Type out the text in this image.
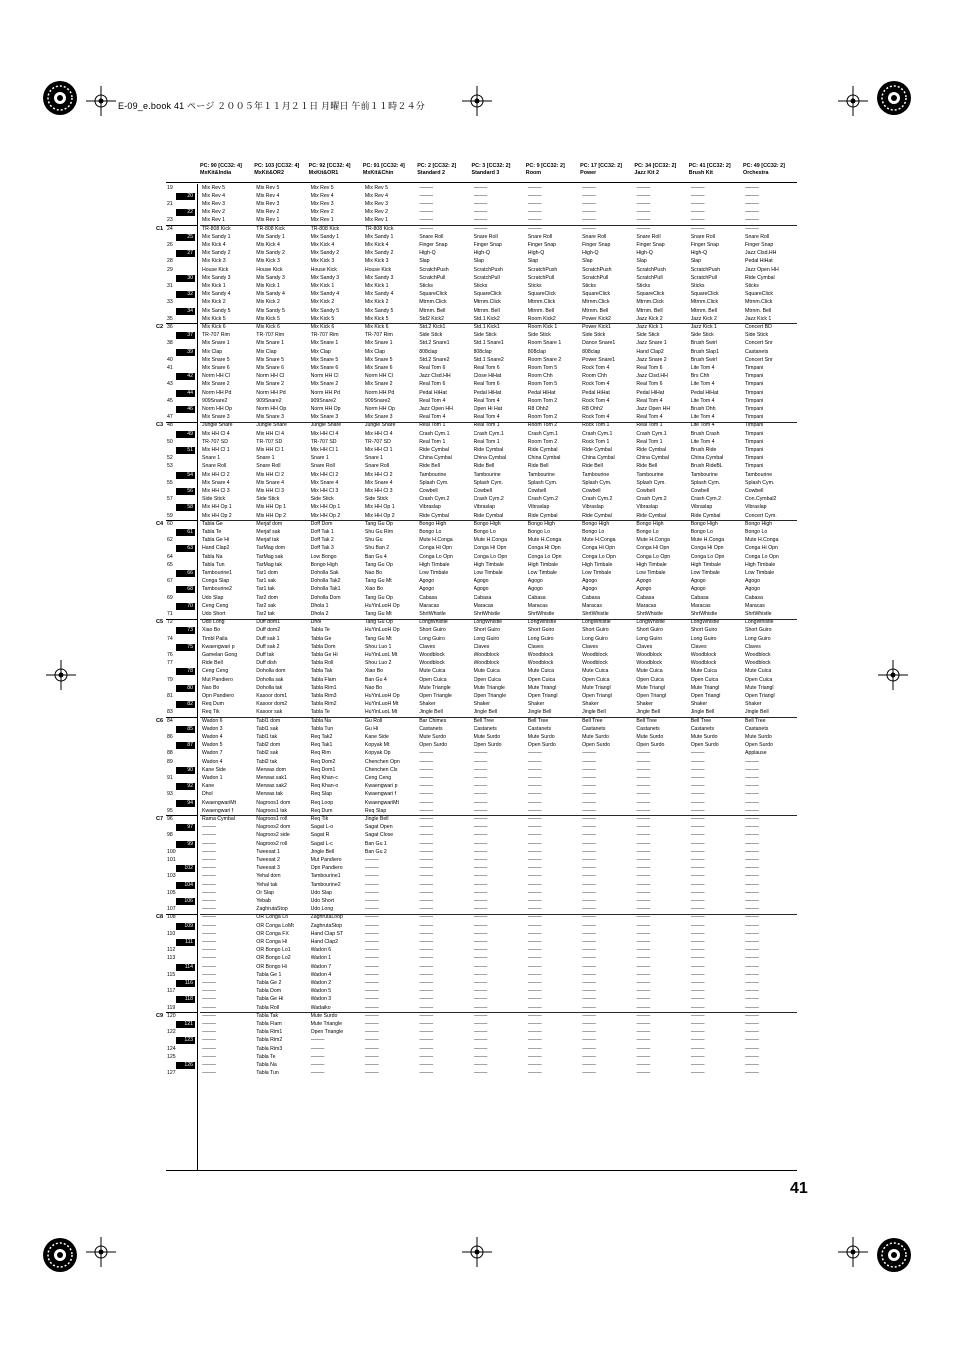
E-09_e.book 41 ページ ２００５年１１月２１日 月曜日 午前１１時２４分
PC: 90 [CC32: 4]
MxKit&India
PC: 103 [CC32: 4]
MxKit&OR2
PC: 92 [CC32: 4]
MxKit&OR1
PC: 91 [CC32: 4]
MxKit&Chin
PC: 2 [CC32: 2]
Standard 2
PC: 3 [CC32: 2]
Standard 3
PC: 9 [CC32: 2]
Room
PC: 17 [CC32: 2]
Power
PC: 34 [CC32: 2]
Jazz Kit 2
PC: 41 [CC32: 2]
Brush Kit
PC: 49 [CC32: 2]
Orchestra
19
20
21
22
23
24
C1
25
26
27
28
29
30
31
32
33
34
35
36
C2
37
38
39
40
41
42
43
44
45
46
47
48
C3
49
50
51
52
53
54
55
56
57
58
59
60
C4
61
62
63
64
65
66
67
68
69
70
71
72
C5
73
74
75
76
77
78
79
80
81
82
83
84
C6
85
86
87
88
89
90
91
92
93
94
95
96
C7
97
98
99
100
101
102
103
104
105
106
107
108
C8
109
110
111
112
113
114
115
116
117
118
119
120
C9
121
122
123
124
125
126
127
Mix Rev 5
Mix Rev 4
Mix Rev 3
Mix Rev 2
Mix Rev 1
TR-808 Kick
Mix Sandy 1
Mix Kick 4
Mix Sandy 2
Mix Kick 3
House Kick
Mix Sandy 3
Mix Kick 1
Mix Sandy 4
Mix Kick 2
Mix Sandy 5
Mix Kick 5
Mix Kick 6
TR-707 Rim
Mix Snare 1
Mix Clap
Mix Snare 5
Mix Snare 6
Norm HH Cl
Mix Snare 2
Norm HH Pd
909Snare2
Norm HH Op
Mix Snare 3
Jungle Snare
Mix HH Cl 4
TR-707 SD
Mix HH Cl 1
Snare 1
Snare Roll
Mix HH Cl 2
Mix Snare 4
Mix HH Cl 3
Side Stick
Mix HH Op 1
Mix HH Op 2
Tabla Ge
Tabla Te
Tabla Ge Hi
Hand Clap2
Tabla Na
Tabla Tun
Tambourine1
Conga Slap
Tambourine2
Udo Slap
Ceng Ceng
Udo Short
Udo Long
Xiao Bo
Timbl Paila
Kwaengwari p
Gamelan Gong
Ride Bell
Ceng Ceng
Mut Pandiero
Nao Bo
Opn Pandiero
Req Dum
Req Tik
Wadon 6
Wadon 3
Wadon 4
Wadon 5
Wadon 7
Wadon 4
Kane Side
Wadon 1
Kane
Dhol
KwaengwariMt
Kwaengwari f
Rama Cymbal
-----------
-----------
-----------
-----------
-----------
-----------
-----------
-----------
-----------
-----------
-----------
-----------
-----------
-----------
-----------
-----------
-----------
-----------
-----------
-----------
-----------
-----------
-----------
-----------
-----------
-----------
-----------
-----------
-----------
-----------
-----------
Mix Rev 5
Mix Rev 4
Mix Rev 3
Mix Rev 2
Mix Rev 1
TR-808 Kick
Mix Sandy 1
Mix Kick 4
Mix Sandy 2
Mix Kick 3
House Kick
Mix Sandy 3
Mix Kick 1
Mix Sandy 4
Mix Kick 2
Mix Sandy 5
Mix Kick 5
Mix Kick 6
TR-707 Rim
Mix Snare 1
Mix Clap
Mix Snare 5
Mix Snare 6
Norm HH Cl
Mix Snare 2
Norm HH Pd
909Snare2
Norm HH Op
Mix Snare 3
Jungle Snare
Mix HH Cl 4
TR-707 SD
Mix HH Cl 1
Snare 1
Snare Roll
Mix HH Cl 2
Mix Snare 4
Mix HH Cl 3
Side Stick
Mix HH Op 1
Mix HH Op 2
Merjaf dom
Merjaf sak
Merjaf tak
TarMag dom
TarMag sak
TarMag tak
Tar1 dom
Tar1 sak
Tar1 tak
Tar2 dom
Tar2 sak
Tar2 tak
Duff dom1
Duff dom2
Duff sak 1
Duff sak 2
Duff tak
Duff dish
Doholla dom
Doholla sak
Doholla tak
Kasoor dom1
Kasoor dom2
Kasoor sak
Tabl1 dom
Tabl1 sak
Tabl1 tak
Tabl2 dom
Tabl2 sak
Tabl2 tak
Merwas dom
Merwas sak1
Merwas sak2
Merwas tak
Nagroos1 dom
Nagroos1 tak
Nagroos1 roll
Nagroos2 dom
Nagroos2 side
Nagroos2 roll
Tweesat 1
Tweesat 2
Tweesat 3
Yehal dom
Yehal tak
Or Slap
Yebab
ZaghrutaStop
OR Conga Lo
OR Conga LoMt
OR Conga FX
OR Conga Hi
OR Bongo Lo1
OR Bongo Lo2
OR Bongo Hi
Tabla Ge 1
Tabla Ge 2
Tabla Dom
Tabla Ge Hi
Tabla Roll
Tabla Tak
Tabla Flam
Tabla Rim1
Tabla Rim2
Tabla Rim3
Tabla Te
Tabla Na
Tabla Tun
Mix Rev 5
Mix Rev 4
Mix Rev 3
Mix Rev 2
Mix Rev 1
TR-808 Kick
Mix Sandy 1
Mix Kick 4
Mix Sandy 2
Mix Kick 3
House Kick
Mix Sandy 3
Mix Kick 1
Mix Sandy 4
Mix Kick 2
Mix Sandy 5
Mix Kick 5
Mix Kick 6
TR-707 Rim
Mix Snare 1
Mix Clap
Mix Snare 5
Mix Snare 6
Norm HH Cl
Mix Snare 2
Norm HH Pd
909Snare2
Norm HH Op
Mix Snare 3
Jungle Snare
Mix HH Cl 4
TR-707 SD
Mix HH Cl 1
Snare 1
Snare Roll
Mix HH Cl 2
Mix Snare 4
Mix HH Cl 3
Side Stick
Mix HH Op 1
Mix HH Op 2
Doff Dom
Doff Tak 1
Doff Tak 2
Doff Tak 3
Low Bongo
Bongo High
Doholla Sak
Doholla Tak2
Doholla Tak1
Doholla Dom
Dhola 1
Dhola 2
Dhol
Tabla Te
Tabla Ge
Tabla Dom
Tabla Ge Hi
Tabla Roll
Tabla Tak
Tabla Flam
Tabla Rim1
Tabla Rim3
Tabla Rim2
Tabla Te
Tabla Na
Tabla Tun
Req Tak2
Req Tak1
Req Rim
Req Dom2
Req Dom1
Req Khan-c
Req Khan-o
Req Slap
Req Loop
Req Dum
Req Tik
Sagat L-o
Sagat R
Sagat L-c
Jingle Bell
Mut Pandiero
Opn Pandiero
Tambourine1
Tambourine2
Udo Slap
Udo Short
Udo Long
ZaghrutaLoop
ZaghrutaStop
Hand Clap ST
Hand Clap2
Wadon 6
Wadon 1
Wadon 7
Wadon 4
Wadon 2
Wadon 5
Wadon 3
Wadaiko
Mute Surdo
Mute Triangle
Open Triangle
-----------
-----------
-----------
-----------
-----------
Mix Rev 5
Mix Rev 4
Mix Rev 3
Mix Rev 2
Mix Rev 1
TR-808 Kick
Mix Sandy 1
Mix Kick 4
Mix Sandy 2
Mix Kick 3
House Kick
Mix Sandy 3
Mix Kick 1
Mix Sandy 4
Mix Kick 2
Mix Sandy 5
Mix Kick 5
Mix Kick 6
TR-707 Rim
Mix Snare 1
Mix Clap
Mix Snare 5
Mix Snare 6
Norm HH Cl
Mix Snare 2
Norm HH Pd
909Snare2
Norm HH Op
Mix Snare 3
Jungle Snare
Mix HH Cl 4
TR-707 SD
Mix HH Cl 1
Snare 1
Snare Roll
Mix HH Cl 2
Mix Snare 4
Mix HH Cl 3
Side Stick
Mix HH Op 1
Mix HH Op 2
Tang Gu Op
Shu Gu Rim
Shu Gu
Shu Ban 2
Ban Gu 4
Tang Gu Op
Nao Bo
Tang Gu Mt
Xiao Bo
Tang Gu Op
HuYinLuoH Op
Tang Gu Mt
Tang Gu Op
HuYinLuoH Op
Tang Gu Mt
Shou Luo 1
HuYinLuoL Mt
Shou Luo 2
Xiao Bo
Ban Gu 4
Nao Bo
HuYinLuoH Op
HuYinLuoH Mt
HuYinLuoL Mt
Gu Roll
Gu Hi
Kane Side
Kopyak Mt
Kopyak Op
Chenchen Opn
Chenchen Cls
Ceng Ceng
Kwaengwari p
Kwaengwari f
KwaengwariMt
Req Slap
Jingle Bell
Sagat Open
Sagat Close
Ban Gu 1
Ban Gu 2
-----------
-----------
-----------
-----------
-----------
-----------
-----------
-----------
-----------
-----------
-----------
-----------
-----------
-----------
-----------
-----------
-----------
-----------
-----------
-----------
-----------
-----------
-----------
-----------
-----------
-----------
-----------
-----------
-----------
-----------
-----------
-----------
-----------
Snare Roll
Finger Snap
High-Q
Slap
ScratchPush
ScratchPull
Sticks
SquareClick
Mtrnm.Click
Mtrnm. Bell
Std2 Kick2
Std.2 Kick1
Side Stick
Std.2 Snare1
808clap
Std.2 Snare2
Real Tom 6
Jazz Clsd.HH
Real Tom 6
Pedal HiHat
Real Tom 4
Jazz Open HH
Real Tom 4
Real Tom 1
Crash Cym.1
Real Tom 1
Ride Cymbal
China Cymbal
Ride Bell
Tambourine
Splash Cym.
Cowbell
Crash Cym.2
Vibraslap
Ride Cymbal
Bongo High
Bongo Lo
Mute H.Conga
Conga Hi Opn
Conga Lo Opn
High Timbale
Low Timbale
Agogo
Agogo
Cabasa
Maracas
ShrtWhistle
LongWhistle
Short Guiro
Long Guiro
Claves
Woodblock
Woodblock
Mute Cuica
Open Cuica
Mute Triangle
Open Triangle
Shaker
Jingle Bell
Bar Chimes
Castanets
Mute Surdo
Open Surdo
-----------
-----------
-----------
-----------
-----------
-----------
-----------
-----------
-----------
-----------
-----------
-----------
-----------
-----------
-----------
-----------
-----------
-----------
-----------
-----------
-----------
-----------
-----------
-----------
-----------
-----------
-----------
-----------
-----------
-----------
-----------
-----------
-----------
-----------
-----------
-----------
-----------
-----------
-----------
-----------
-----------
-----------
-----------
-----------
-----------
-----------
Snare Roll
Finger Snap
High-Q
Slap
ScratchPush
ScratchPull
Sticks
SquareClick
Mtrnm.Click
Mtrnm. Bell
Std.1 Kick2
Std.1 Kick1
Side Stick
Std.1 Snare1
808clap
Std.1 Snare2
Real Tom 6
Close HiHat
Real Tom 6
Pedal HiHat
Real Tom 4
Open Hi Hat
Real Tom 4
Real Tom 1
Crash Cym.1
Real Tom 1
Ride Cymbal
China Cymbal
Ride Bell
Tambourine
Splash Cym.
Cowbell
Crash Cym.2
Vibraslap
Ride Cymbal
Bongo High
Bongo Lo
Mute H.Conga
Conga Hi Opn
Conga Lo Opn
High Timbale
Low Timbale
Agogo
Agogo
Cabasa
Maracas
ShrtWhistle
LongWhistle
Short Guiro
Long Guiro
Claves
Woodblock
Woodblock
Mute Cuica
Open Cuica
Mute Triangle
Open Triangle
Shaker
Jingle Bell
Bell Tree
Castanets
Mute Surdo
Open Surdo
-----------
-----------
-----------
-----------
-----------
-----------
-----------
-----------
-----------
-----------
-----------
-----------
-----------
-----------
-----------
-----------
-----------
-----------
-----------
-----------
-----------
-----------
-----------
-----------
-----------
-----------
-----------
-----------
-----------
-----------
-----------
-----------
-----------
-----------
-----------
-----------
-----------
-----------
-----------
-----------
-----------
-----------
-----------
-----------
-----------
-----------
Snare Roll
Finger Snap
High-Q
Slap
ScratchPush
ScratchPull
Sticks
SquareClick
Mtrnm.Click
Mtrnm. Bell
Room Kick2
Room Kick 1
Side Stick
Room Snare 1
808clap
Room Snare 2
Room Tom 5
Room Chh
Room Tom 5
Pedal HiHat
Room Tom 2
R8 Ohh2
Room Tom 2
Room Tom 2
Crash Cym.1
Room Tom 2
Ride Cymbal
China Cymbal
Ride Bell
Tambourine
Splash Cym.
Cowbell
Crash Cym.2
Vibraslap
Ride Cymbal
Bongo High
Bongo Lo
Mute H.Conga
Conga Hi Opn
Conga Lo Opn
High Timbale
Low Timbale
Agogo
Agogo
Cabasa
Maracas
ShrtWhistle
LongWhistle
Short Guiro
Long Guiro
Claves
Woodblock
Woodblock
Mute Cuica
Open Cuica
Mute Triangl
Open Triangl
Shaker
Jingle Bell
Bell Tree
Castanets
Mute Surdo
Open Surdo
-----------
-----------
-----------
-----------
-----------
-----------
-----------
-----------
-----------
-----------
-----------
-----------
-----------
-----------
-----------
-----------
-----------
-----------
-----------
-----------
-----------
-----------
-----------
-----------
-----------
-----------
-----------
-----------
-----------
-----------
-----------
-----------
-----------
-----------
-----------
-----------
-----------
-----------
-----------
-----------
-----------
-----------
-----------
-----------
-----------
-----------
Snare Roll
Finger Snap
High-Q
Slap
ScratchPush
ScratchPull
Sticks
SquareClick
Mtrnm.Click
Mtrnm. Bell
Power Kick2
Power Kick1
Side Stick
Dance Snare1
808clap
Power Snare1
Rock Tom 4
Room Chh
Rock Tom 4
Pedal HiHat
Rock Tom 4
R8 Ohh2
Rock Tom 4
Rock Tom 1
Crash Cym.1
Rock Tom 1
Ride Cymbal
China Cymbal
Ride Bell
Tambourine
Splash Cym.
Cowbell
Crash Cym.2
Vibraslap
Ride Cymbal
Bongo High
Bongo Lo
Mute H.Conga
Conga Hi Opn
Conga Lo Opn
High Timbale
Low Timbale
Agogo
Agogo
Cabasa
Maracas
ShrtWhistle
LongWhistle
Short Guiro
Long Guiro
Claves
Woodblock
Woodblock
Mute Cuica
Open Cuica
Mute Triangl
Open Triangl
Shaker
Jingle Bell
Bell Tree
Castanets
Mute Surdo
Open Surdo
-----------
-----------
-----------
-----------
-----------
-----------
-----------
-----------
-----------
-----------
-----------
-----------
-----------
-----------
-----------
-----------
-----------
-----------
-----------
-----------
-----------
-----------
-----------
-----------
-----------
-----------
-----------
-----------
-----------
-----------
-----------
-----------
-----------
-----------
-----------
-----------
-----------
-----------
-----------
-----------
-----------
-----------
-----------
-----------
-----------
-----------
Snare Roll
Finger Snap
High-Q
Slap
ScratchPush
ScratchPull
Sticks
SquareClick
Mtrnm.Click
Mtrnm. Bell
Jazz Kick 2
Jazz Kick 1
Side Stick
Jazz Snare 1
Hand Clap2
Jazz Snare 2
Real Tom 6
Jazz Clsd.HH
Real Tom 6
Pedal HiHat
Real Tom 4
Jazz Open HH
Real Tom 4
Real Tom 1
Crash Cym.1
Real Tom 1
Ride Cymbal
China Cymbal
Ride Bell
Tambourine
Splash Cym.
Cowbell
Crash Cym.2
Vibraslap
Ride Cymbal
Bongo High
Bongo Lo
Mute H.Conga
Conga Hi Opn
Conga Lo Opn
High Timbale
Low Timbale
Agogo
Agogo
Cabasa
Maracas
ShrtWhistle
LongWhistle
Short Guiro
Long Guiro
Claves
Woodblock
Woodblock
Mute Cuica
Open Cuica
Mute Triangl
Open Triangl
Shaker
Jingle Bell
Bell Tree
Castanets
Mute Surdo
Open Surdo
-----------
-----------
-----------
-----------
-----------
-----------
-----------
-----------
-----------
-----------
-----------
-----------
-----------
-----------
-----------
-----------
-----------
-----------
-----------
-----------
-----------
-----------
-----------
-----------
-----------
-----------
-----------
-----------
-----------
-----------
-----------
-----------
-----------
-----------
-----------
-----------
-----------
-----------
-----------
-----------
-----------
-----------
-----------
-----------
-----------
-----------
Snare Roll
Finger Snap
High-Q
Slap
ScratchPush
ScratchPull
Sticks
SquareClick
Mtrnm.Click
Mtrnm. Bell
Jazz Kick 2
Jazz Kick 1
Side Stick
Brush Swirl
Brush Slap1
Brush Swirl
Lite Tom 4
Brs Chh
Lite Tom 4
Pedal HiHat
Lite Tom 4
Brush Ohh
Lite Tom 4
Lite Tom 4
Brush Crash
Lite Tom 4
Brush Ride
China Cymbal
Brush RideBL
Tambourine
Splash Cym.
Cowbell
Crash Cym.2
Vibraslap
Ride Cymbal
Bongo High
Bongo Lo
Mute H.Conga
Conga Hi Opn
Conga Lo Opn
High Timbale
Low Timbale
Agogo
Agogo
Cabasa
Maracas
ShrtWhistle
LongWhistle
Short Guiro
Long Guiro
Claves
Woodblock
Woodblock
Mute Cuica
Open Cuica
Mute Triangl
Open Triangl
Shaker
Jingle Bell
Bell Tree
Castanets
Mute Surdo
Open Surdo
-----------
-----------
-----------
-----------
-----------
-----------
-----------
-----------
-----------
-----------
-----------
-----------
-----------
-----------
-----------
-----------
-----------
-----------
-----------
-----------
-----------
-----------
-----------
-----------
-----------
-----------
-----------
-----------
-----------
-----------
-----------
-----------
-----------
-----------
-----------
-----------
-----------
-----------
-----------
-----------
-----------
-----------
-----------
-----------
-----------
-----------
Snare Roll
Finger Snap
Jazz Clsd.HH
Pedal HiHat
Jazz Open HH
Ride Cymbal
Sticks
SquareClick
Mtrnm.Click
Mtrnm. Bell
Jazz Kick 1
Concert BD
Side Stick
Concert Snr
Castanets
Concert Snr
Timpani
Timpani
Timpani
Timpani
Timpani
Timpani
Timpani
Timpani
Timpani
Timpani
Timpani
Timpani
Timpani
Tambourine
Splash Cym.
Cowbell
Con.Cymbal2
Vibraslap
Concert Cym.
Bongo High
Bongo Lo
Mute H.Conga
Conga Hi Opn
Conga Lo Opn
High Timbale
Low Timbale
Agogo
Agogo
Cabasa
Maracas
ShrtWhistle
LongWhistle
Short Guiro
Long Guiro
Claves
Woodblock
Woodblock
Mute Cuica
Open Cuica
Mute Triangl
Open Triangl
Shaker
Jingle Bell
Bell Tree
Castanets
Mute Surdo
Open Surdo
Applause
-----------
-----------
-----------
-----------
-----------
-----------
-----------
-----------
-----------
-----------
-----------
-----------
-----------
-----------
-----------
-----------
-----------
-----------
-----------
-----------
-----------
-----------
-----------
-----------
-----------
-----------
-----------
-----------
-----------
-----------
-----------
-----------
-----------
-----------
-----------
-----------
-----------
-----------
-----------
41
